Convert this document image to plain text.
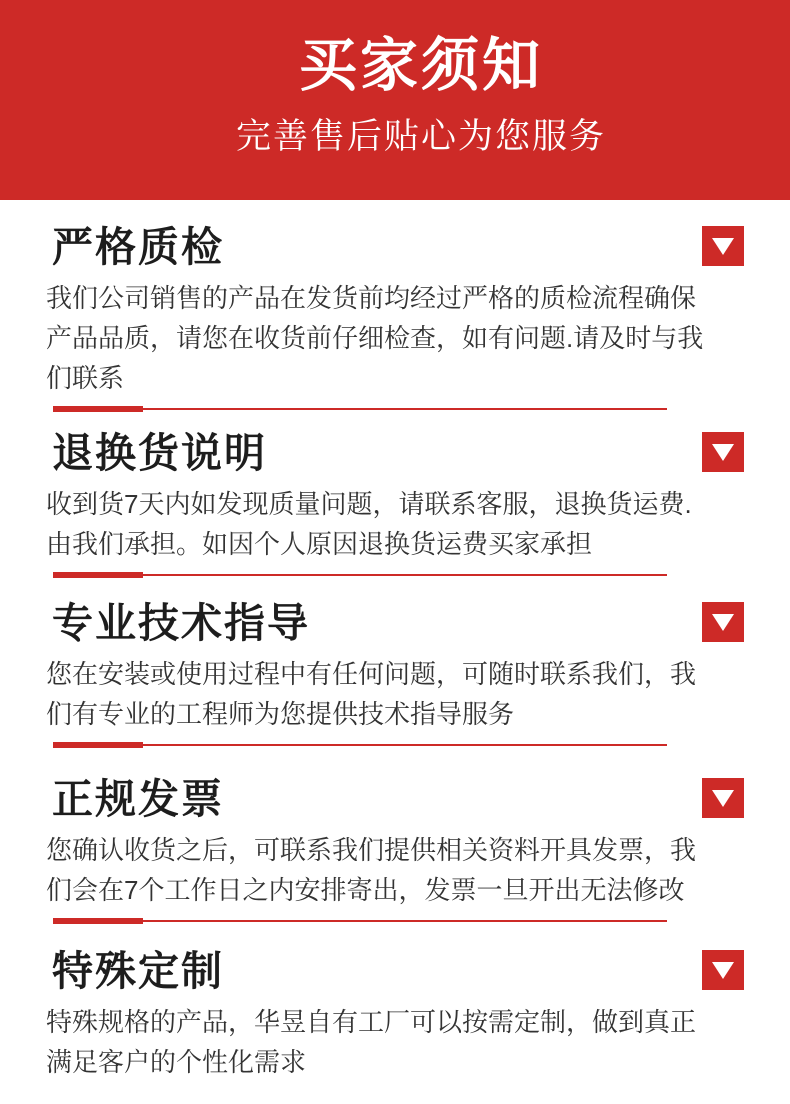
买家须知
完善售后贴心为您服务
严格质检

我们公司销售的产品在发货前均经过严格的质检流程确保产品品质，请您在收货前仔细检查，如有问题.请及时与我们联系

退换货说明

收到货7天内如发现质量问题，请联系客服，退换货运费.由我们承担。如因个人原因退换货运费买家承担

专业技术指导

您在安装或使用过程中有任何问题，可随时联系我们，我们有专业的工程师为您提供技术指导服务

正规发票

您确认收货之后，可联系我们提供相关资料开具发票，我们会在7个工作日之内安排寄出，发票一旦开出无法修改

特殊定制

特殊规格的产品，华昱自有工厂可以按需定制，做到真正满足客户的个性化需求
